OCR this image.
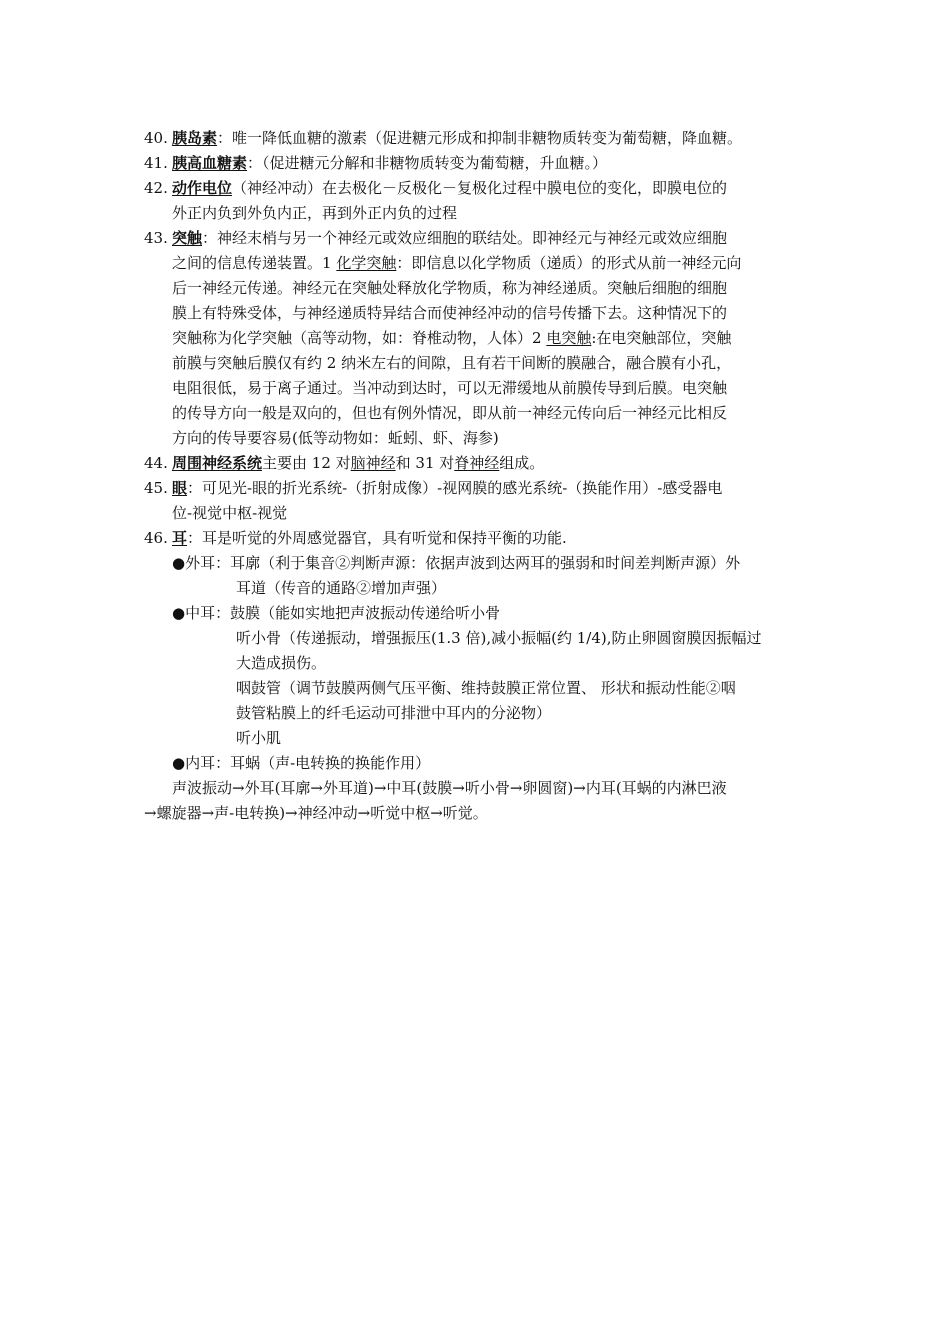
40. 胰岛素：唯一降低血糖的激素（促进糖元形成和抑制非糖物质转变为葡萄糖，降血糖。
41. 胰高血糖素：（促进糖元分解和非糖物质转变为葡萄糖，升血糖。）
42. 动作电位（神经冲动）在去极化－反极化－复极化过程中膜电位的变化，即膜电位的
外正内负到外负内正，再到外正内负的过程
43. 突触：神经末梢与另一个神经元或效应细胞的联结处。即神经元与神经元或效应细胞
之间的信息传递装置。1 化学突触：即信息以化学物质（递质）的形式从前一神经元向
后一神经元传递。神经元在突触处释放化学物质，称为神经递质。突触后细胞的细胞
膜上有特殊受体，与神经递质特异结合而使神经冲动的信号传播下去。这种情况下的
突触称为化学突触（高等动物，如：脊椎动物，人体）2 电突触:在电突触部位，突触
前膜与突触后膜仅有约 2 纳米左右的间隙，且有若干间断的膜融合，融合膜有小孔，
电阻很低，易于离子通过。当冲动到达时，可以无滞缓地从前膜传导到后膜。电突触
的传导方向一般是双向的，但也有例外情况，即从前一神经元传向后一神经元比相反
方向的传导要容易(低等动物如：蚯蚓、虾、海参)
44. 周围神经系统主要由 12 对脑神经和 31 对脊神经组成。
45. 眼：可见光-眼的折光系统-（折射成像）-视网膜的感光系统-（换能作用）-感受器电
位-视觉中枢-视觉
46. 耳：耳是听觉的外周感觉器官，具有听觉和保持平衡的功能.
●外耳：耳廓（利于集音②判断声源：依据声波到达两耳的强弱和时间差判断声源）外
耳道（传音的通路②增加声强）
●中耳：鼓膜（能如实地把声波振动传递给听小骨
听小骨（传递振动，增强振压(1.3 倍),减小振幅(约 1/4),防止卵圆窗膜因振幅过
大造成损伤。
咽鼓管（调节鼓膜两侧气压平衡、维持鼓膜正常位置、 形状和振动性能②咽
鼓管粘膜上的纤毛运动可排泄中耳内的分泌物）
听小肌
●内耳：耳蜗（声-电转换的换能作用）
声波振动→外耳(耳廓→外耳道)→中耳(鼓膜→听小骨→卵圆窗)→内耳(耳蜗的内淋巴液
→螺旋器→声-电转换)→神经冲动→听觉中枢→听觉。
